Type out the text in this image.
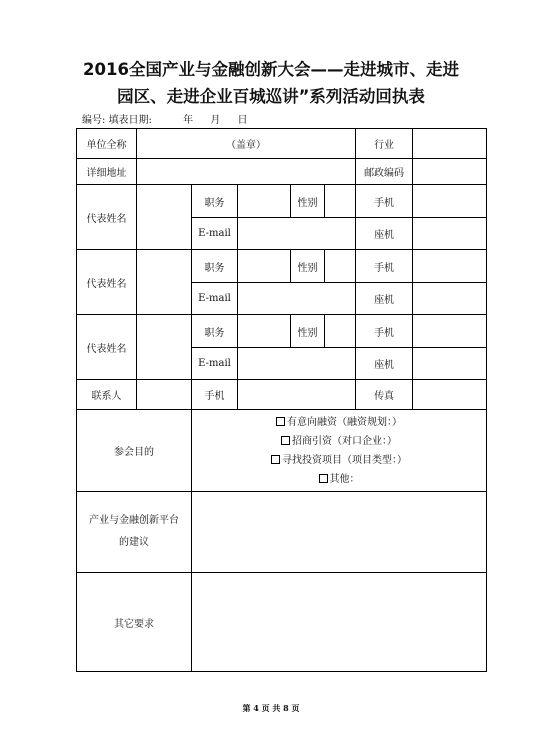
2016全国产业与金融创新大会——走进城市、走进
园区、走进企业百城巡讲”系列活动回执表
编号: 填表日期:	年 月 日
单位全称	（盖章）					行业	
详细地址						邮政编码	
代表姓名		职务		性别		手机	
		E-mail				座机	
代表姓名		职务		性别		手机	
		E-mail				座机	
代表姓名		职务		性别		手机	
		E-mail				座机	
联系人		手机				传真	
参会目的		有意向融资（融资规划：）
招商引资（对口企业：）
寻找投资项目（项目类型：）
其他：					

产业与金融创新平台
的建议							

其它要求							
第 4 页 共 8 页
